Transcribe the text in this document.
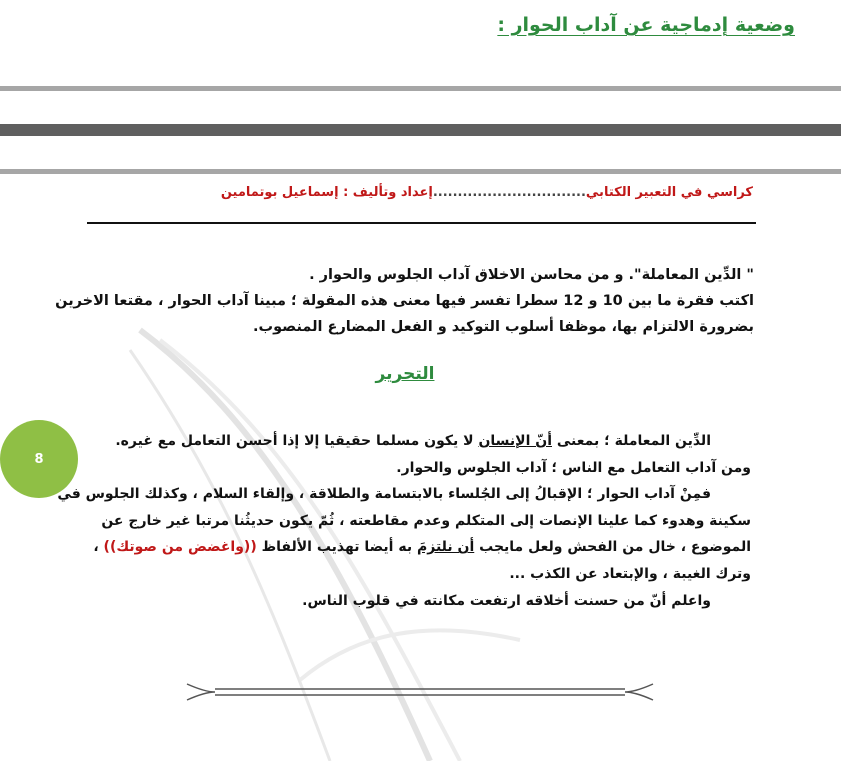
وضعية إدماجية عن آداب الحوار :
كراسي في التعبير الكتابي...............................إعداد وتأليف : إسماعيل بوتمامين
" الدِّين المعاملة". و من محاسن الاخلاق آداب الجلوس والحوار .
اكتب فقرة ما بين 10 و 12 سطرا تفسر فيها معنى هذه المقولة ؛ مبينا آداب الحوار ، مقتعا الاخرين
بضرورة الالتزام بها، موظفا أسلوب التوكيد و الفعل المضارع المنصوب.
التحرير
8
الدِّين المعاملة ؛ بمعنى أنّ الإنسان لا يكون مسلما حقيقيا إلا إذا أحسن التعامل مع غيره.
ومن آداب التعامل مع الناس ؛ آداب الجلوس والحوار.
فمِنْ آداب الحوار ؛ الإقبالُ إلى الجُلساء بالابتسامة والطلاقة ، وإلقاء السلام ، وكذلك الجلوس في
سكينة وهدوء كما علينا الإنصات إلى المتكلم وعدم مقاطعته ، ثُمّ يكون حديثُنا مرتبا غير خارج عن
الموضوع ، خال من الفحش ولعل مايجب أن نلتزمَ به أيضا تهذيب الألفاظ ((واغضض من صوتك)) ،
وترك الغيبة ، والإبتعاد عن الكذب ...
واعلم أنّ من حسنت أخلاقه ارتفعت مكانته في قلوب الناس.
